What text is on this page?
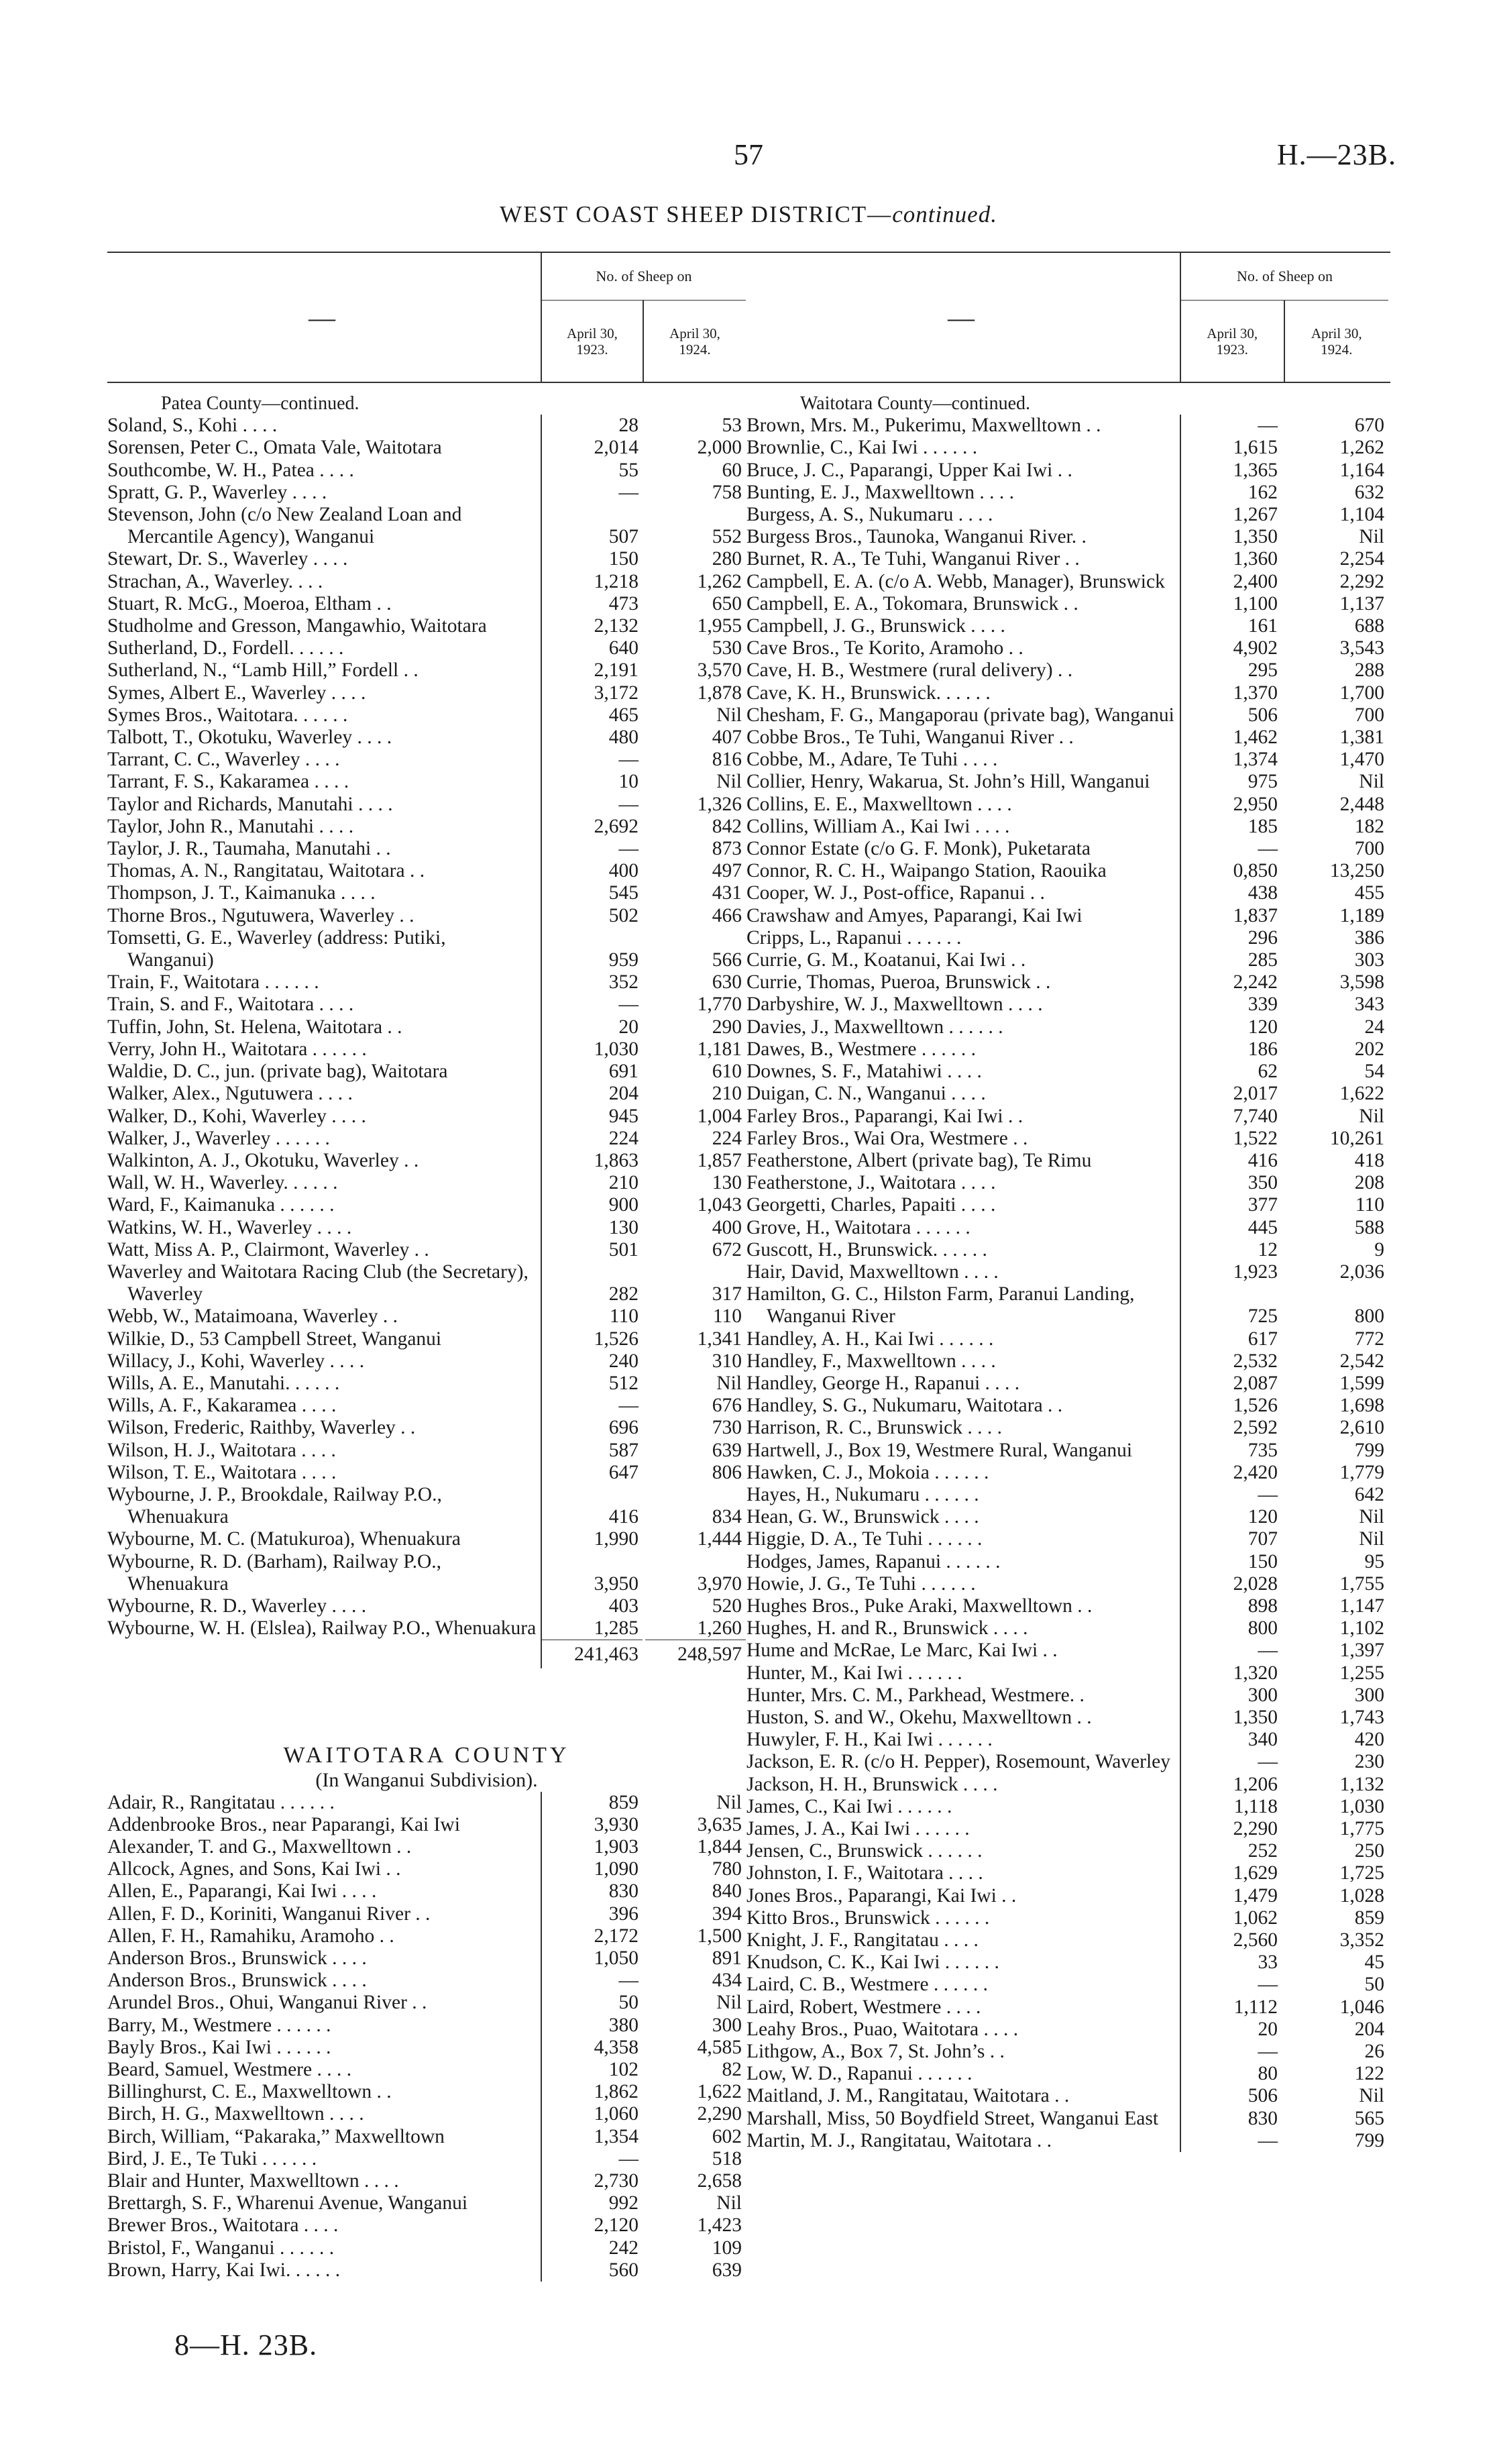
57	H.—23B.
WEST COAST SHEEP DISTRICT—continued.
—
No. of Sheep on
April 30,
1923.
April 30,
1924.
Patea County—continued.
Soland, S., Kohi . . . .	28	53
Sorensen, Peter C., Omata Vale, Waitotara	2,014	2,000
Southcombe, W. H., Patea . . . .	55	60
Spratt, G. P., Waverley . . . .	—	758
Stevenson, John (c/o New Zealand Loan and Mercantile Agency), Wanganui	507	552
Stewart, Dr. S., Waverley . . . .	150	280
Strachan, A., Waverley. . . .	1,218	1,262
Stuart, R. McG., Moeroa, Eltham . .	473	650
Studholme and Gresson, Mangawhio, Waitotara	2,132	1,955
Sutherland, D., Fordell. . . . . .	640	530
Sutherland, N., “Lamb Hill,” Fordell . .	2,191	3,570
Symes, Albert E., Waverley . . . .	3,172	1,878
Symes Bros., Waitotara. . . . . .	465	Nil
Talbott, T., Okotuku, Waverley . . . .	480	407
Tarrant, C. C., Waverley . . . .	—	816
Tarrant, F. S., Kakaramea . . . .	10	Nil
Taylor and Richards, Manutahi . . . .	—	1,326
Taylor, John R., Manutahi . . . .	2,692	842
Taylor, J. R., Taumaha, Manutahi . .	—	873
Thomas, A. N., Rangitatau, Waitotara . .	400	497
Thompson, J. T., Kaimanuka . . . .	545	431
Thorne Bros., Ngutuwera, Waverley . .	502	466
Tomsetti, G. E., Waverley (address: Putiki, Wanganui)	959	566
Train, F., Waitotara . . . . . .	352	630
Train, S. and F., Waitotara . . . .	—	1,770
Tuffin, John, St. Helena, Waitotara . .	20	290
Verry, John H., Waitotara . . . . . .	1,030	1,181
Waldie, D. C., jun. (private bag), Waitotara	691	610
Walker, Alex., Ngutuwera . . . .	204	210
Walker, D., Kohi, Waverley . . . .	945	1,004
Walker, J., Waverley . . . . . .	224	224
Walkinton, A. J., Okotuku, Waverley . .	1,863	1,857
Wall, W. H., Waverley. . . . . .	210	130
Ward, F., Kaimanuka . . . . . .	900	1,043
Watkins, W. H., Waverley . . . .	130	400
Watt, Miss A. P., Clairmont, Waverley . .	501	672
Waverley and Waitotara Racing Club (the Secretary), Waverley	282	317
Webb, W., Mataimoana, Waverley . .	110	110
Wilkie, D., 53 Campbell Street, Wanganui	1,526	1,341
Willacy, J., Kohi, Waverley . . . .	240	310
Wills, A. E., Manutahi. . . . . .	512	Nil
Wills, A. F., Kakaramea . . . .	—	676
Wilson, Frederic, Raithby, Waverley . .	696	730
Wilson, H. J., Waitotara . . . .	587	639
Wilson, T. E., Waitotara . . . .	647	806
Wybourne, J. P., Brookdale, Railway P.O., Whenuakura	416	834
Wybourne, M. C. (Matukuroa), Whenuakura	1,990	1,444
Wybourne, R. D. (Barham), Railway P.O., Whenuakura	3,950	3,970
Wybourne, R. D., Waverley . . . .	403	520
Wybourne, W. H. (Elslea), Railway P.O., Whenuakura	1,285	1,260
241,463	248,597
WAITOTARA COUNTY
(In Wanganui Subdivision).
Adair, R., Rangitatau . . . . . .	859	Nil
Addenbrooke Bros., near Paparangi, Kai Iwi	3,930	3,635
Alexander, T. and G., Maxwelltown . .	1,903	1,844
Allcock, Agnes, and Sons, Kai Iwi . .	1,090	780
Allen, E., Paparangi, Kai Iwi . . . .	830	840
Allen, F. D., Koriniti, Wanganui River . .	396	394
Allen, F. H., Ramahiku, Aramoho . .	2,172	1,500
Anderson Bros., Brunswick . . . .	1,050	891
Anderson Bros., Brunswick . . . .	—	434
Arundel Bros., Ohui, Wanganui River . .	50	Nil
Barry, M., Westmere . . . . . .	380	300
Bayly Bros., Kai Iwi . . . . . .	4,358	4,585
Beard, Samuel, Westmere . . . .	102	82
Billinghurst, C. E., Maxwelltown . .	1,862	1,622
Birch, H. G., Maxwelltown . . . .	1,060	2,290
Birch, William, “Pakaraka,” Maxwelltown	1,354	602
Bird, J. E., Te Tuki . . . . . .	—	518
Blair and Hunter, Maxwelltown . . . .	2,730	2,658
Brettargh, S. F., Wharenui Avenue, Wanganui	992	Nil
Brewer Bros., Waitotara . . . .	2,120	1,423
Bristol, F., Wanganui . . . . . .	242	109
Brown, Harry, Kai Iwi. . . . . .	560	639
—
No. of Sheep on
April 30,
1923.
April 30,
1924.
Waitotara County—continued.
Brown, Mrs. M., Pukerimu, Maxwelltown . .	—	670
Brownlie, C., Kai Iwi . . . . . .	1,615	1,262
Bruce, J. C., Paparangi, Upper Kai Iwi . .	1,365	1,164
Bunting, E. J., Maxwelltown . . . .	162	632
Burgess, A. S., Nukumaru . . . .	1,267	1,104
Burgess Bros., Taunoka, Wanganui River. .	1,350	Nil
Burnet, R. A., Te Tuhi, Wanganui River . .	1,360	2,254
Campbell, E. A. (c/o A. Webb, Manager), Brunswick	2,400	2,292
Campbell, E. A., Tokomara, Brunswick . .	1,100	1,137
Campbell, J. G., Brunswick . . . .	161	688
Cave Bros., Te Korito, Aramoho . .	4,902	3,543
Cave, H. B., Westmere (rural delivery) . .	295	288
Cave, K. H., Brunswick. . . . . .	1,370	1,700
Chesham, F. G., Mangaporau (private bag), Wanganui	506	700
Cobbe Bros., Te Tuhi, Wanganui River . .	1,462	1,381
Cobbe, M., Adare, Te Tuhi . . . .	1,374	1,470
Collier, Henry, Wakarua, St. John’s Hill, Wanganui	975	Nil
Collins, E. E., Maxwelltown . . . .	2,950	2,448
Collins, William A., Kai Iwi . . . .	185	182
Connor Estate (c/o G. F. Monk), Puketarata	—	700
Connor, R. C. H., Waipango Station, Raouika	0,850	13,250
Cooper, W. J., Post-office, Rapanui . .	438	455
Crawshaw and Amyes, Paparangi, Kai Iwi	1,837	1,189
Cripps, L., Rapanui . . . . . .	296	386
Currie, G. M., Koatanui, Kai Iwi . .	285	303
Currie, Thomas, Pueroa, Brunswick . .	2,242	3,598
Darbyshire, W. J., Maxwelltown . . . .	339	343
Davies, J., Maxwelltown . . . . . .	120	24
Dawes, B., Westmere . . . . . .	186	202
Downes, S. F., Matahiwi . . . .	62	54
Duigan, C. N., Wanganui . . . .	2,017	1,622
Farley Bros., Paparangi, Kai Iwi . .	7,740	Nil
Farley Bros., Wai Ora, Westmere . .	1,522	10,261
Featherstone, Albert (private bag), Te Rimu	416	418
Featherstone, J., Waitotara . . . .	350	208
Georgetti, Charles, Papaiti . . . .	377	110
Grove, H., Waitotara . . . . . .	445	588
Guscott, H., Brunswick. . . . . .	12	9
Hair, David, Maxwelltown . . . .	1,923	2,036
Hamilton, G. C., Hilston Farm, Paranui Landing, Wanganui River	725	800
Handley, A. H., Kai Iwi . . . . . .	617	772
Handley, F., Maxwelltown . . . .	2,532	2,542
Handley, George H., Rapanui . . . .	2,087	1,599
Handley, S. G., Nukumaru, Waitotara . .	1,526	1,698
Harrison, R. C., Brunswick . . . .	2,592	2,610
Hartwell, J., Box 19, Westmere Rural, Wanganui	735	799
Hawken, C. J., Mokoia . . . . . .	2,420	1,779
Hayes, H., Nukumaru . . . . . .	—	642
Hean, G. W., Brunswick . . . .	120	Nil
Higgie, D. A., Te Tuhi . . . . . .	707	Nil
Hodges, James, Rapanui . . . . . .	150	95
Howie, J. G., Te Tuhi . . . . . .	2,028	1,755
Hughes Bros., Puke Araki, Maxwelltown . .	898	1,147
Hughes, H. and R., Brunswick . . . .	800	1,102
Hume and McRae, Le Marc, Kai Iwi . .	—	1,397
Hunter, M., Kai Iwi . . . . . .	1,320	1,255
Hunter, Mrs. C. M., Parkhead, Westmere. .	300	300
Huston, S. and W., Okehu, Maxwelltown . .	1,350	1,743
Huwyler, F. H., Kai Iwi . . . . . .	340	420
Jackson, E. R. (c/o H. Pepper), Rosemount, Waverley	—	230
Jackson, H. H., Brunswick . . . .	1,206	1,132
James, C., Kai Iwi . . . . . .	1,118	1,030
James, J. A., Kai Iwi . . . . . .	2,290	1,775
Jensen, C., Brunswick . . . . . .	252	250
Johnston, I. F., Waitotara . . . .	1,629	1,725
Jones Bros., Paparangi, Kai Iwi . .	1,479	1,028
Kitto Bros., Brunswick . . . . . .	1,062	859
Knight, J. F., Rangitatau . . . .	2,560	3,352
Knudson, C. K., Kai Iwi . . . . . .	33	45
Laird, C. B., Westmere . . . . . .	—	50
Laird, Robert, Westmere . . . .	1,112	1,046
Leahy Bros., Puao, Waitotara . . . .	20	204
Lithgow, A., Box 7, St. John’s . .	—	26
Low, W. D., Rapanui . . . . . .	80	122
Maitland, J. M., Rangitatau, Waitotara . .	506	Nil
Marshall, Miss, 50 Boydfield Street, Wanganui East	830	565
Martin, M. J., Rangitatau, Waitotara . .	—	799
8—H. 23B.
